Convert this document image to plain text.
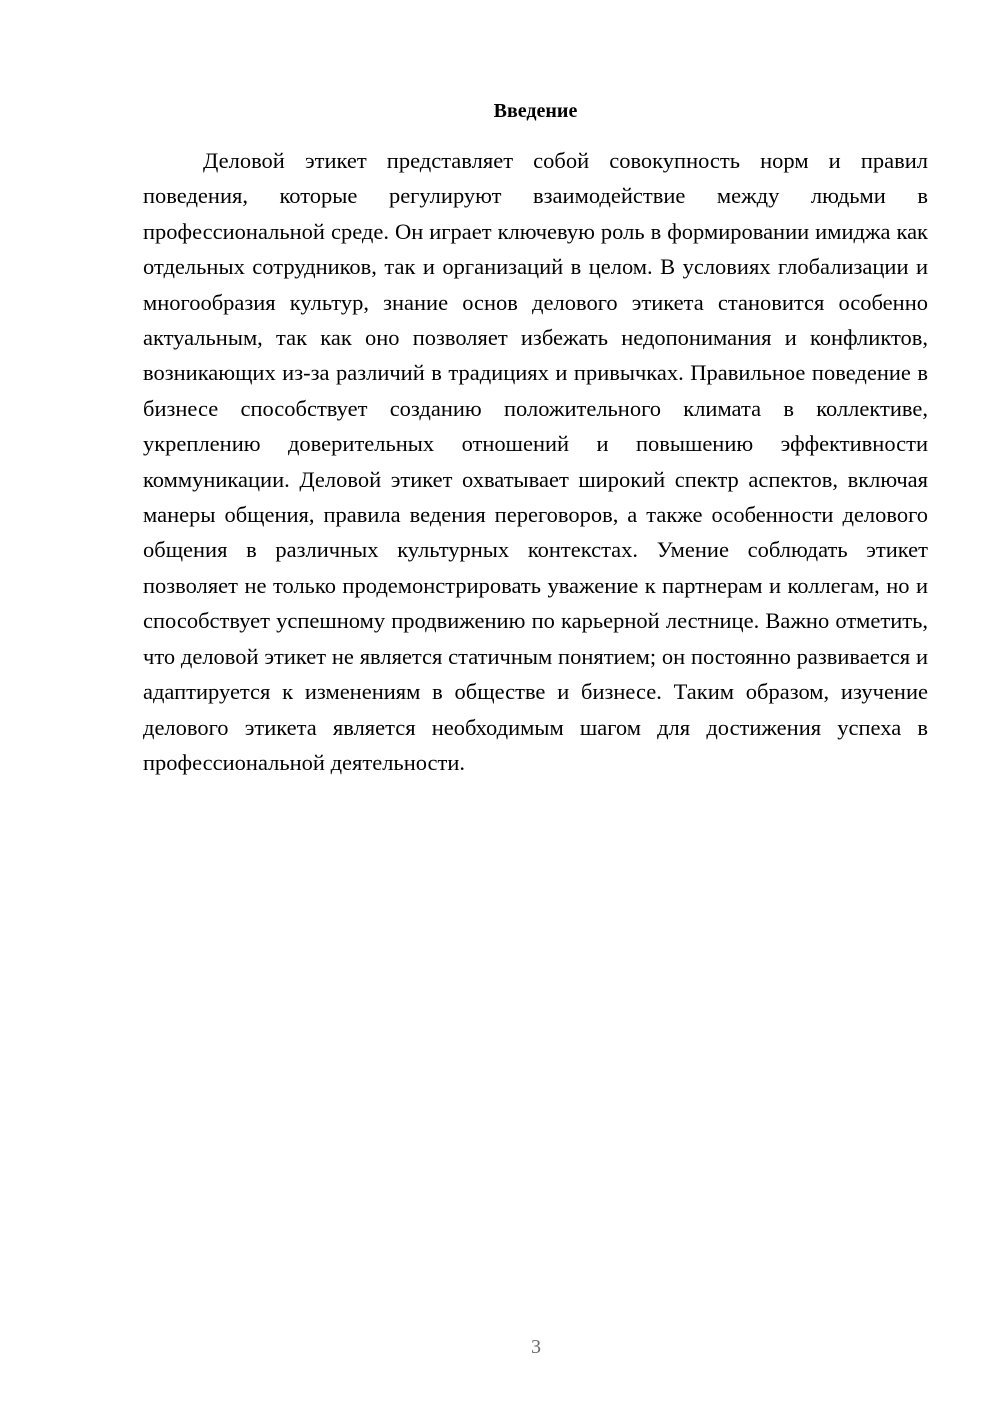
Введение

Деловой этикет представляет собой совокупность норм и правил поведения, которые регулируют взаимодействие между людьми в профессиональной среде. Он играет ключевую роль в формировании имиджа как отдельных сотрудников, так и организаций в целом. В условиях глобализации и многообразия культур, знание основ делового этикета становится особенно актуальным, так как оно позволяет избежать недопонимания и конфликтов, возникающих из-за различий в традициях и привычках. Правильное поведение в бизнесе способствует созданию положительного климата в коллективе, укреплению доверительных отношений и повышению эффективности коммуникации. Деловой этикет охватывает широкий спектр аспектов, включая манеры общения, правила ведения переговоров, а также особенности делового общения в различных культурных контекстах. Умение соблюдать этикет позволяет не только продемонстрировать уважение к партнерам и коллегам, но и способствует успешному продвижению по карьерной лестнице. Важно отметить, что деловой этикет не является статичным понятием; он постоянно развивается и адаптируется к изменениям в обществе и бизнесе. Таким образом, изучение делового этикета является необходимым шагом для достижения успеха в профессиональной деятельности.

3
